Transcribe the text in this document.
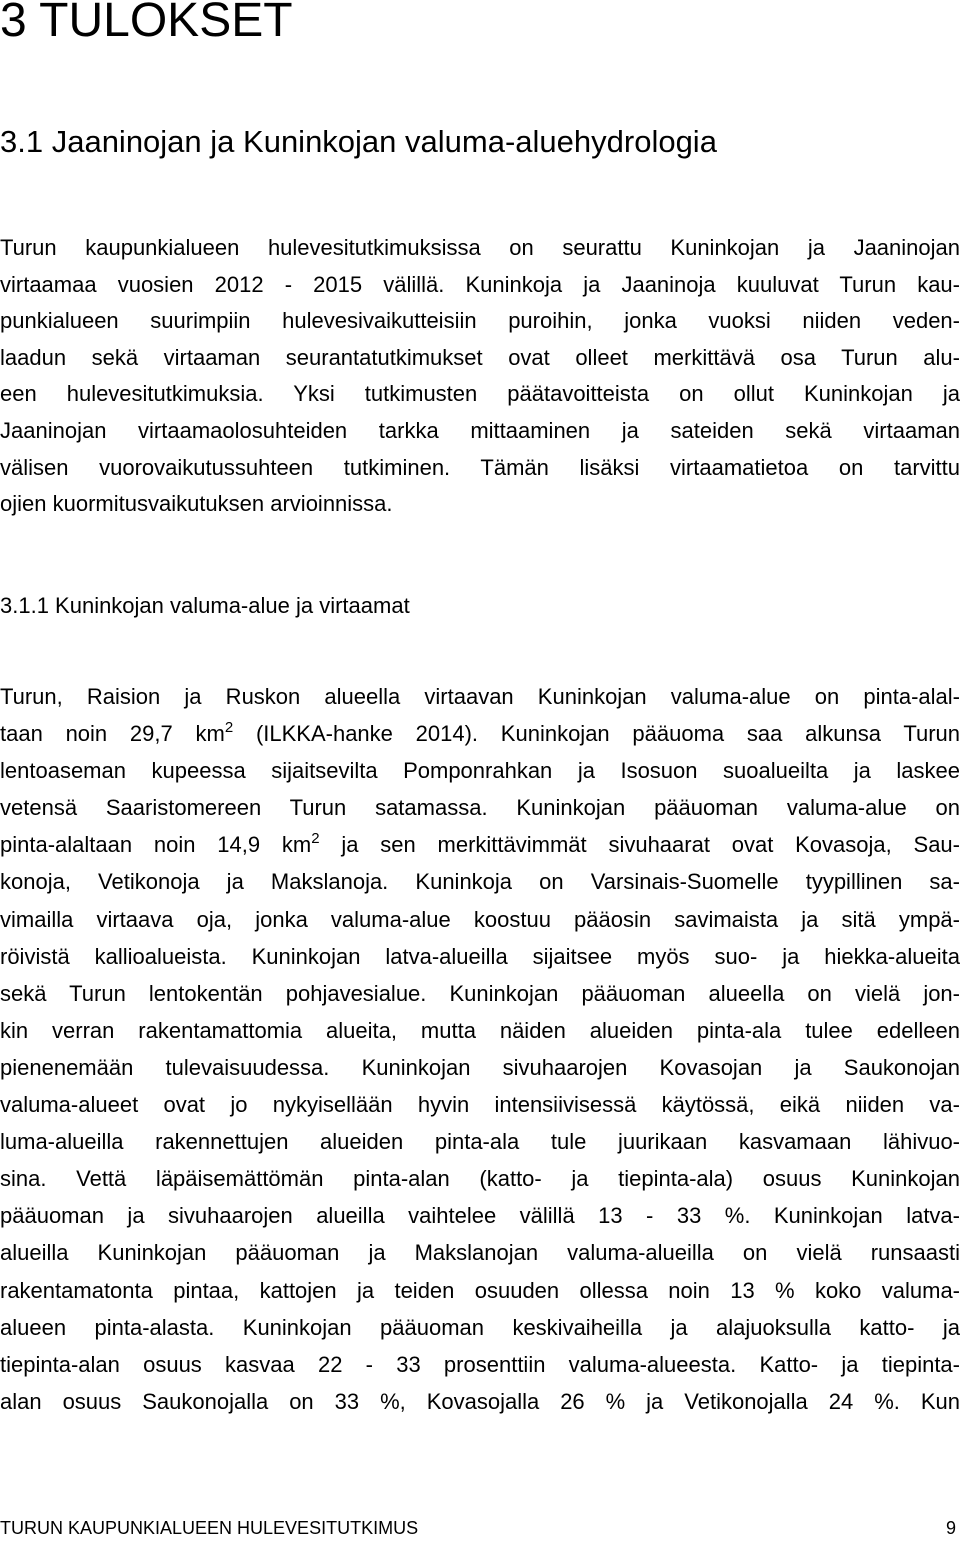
3 TULOKSET
3.1 Jaaninojan ja Kuninkojan valuma-aluehydrologia
Turun kaupunkialueen hulevesitutkimuksissa on seurattu Kuninkojan ja Jaaninojan
virtaamaa vuosien 2012 - 2015 välillä. Kuninkoja ja Jaaninoja kuuluvat Turun kau-
punkialueen suurimpiin hulevesivaikutteisiin puroihin, jonka vuoksi niiden veden-
laadun sekä virtaaman seurantatutkimukset ovat olleet merkittävä osa Turun alu-
een hulevesitutkimuksia. Yksi tutkimusten päätavoitteista on ollut Kuninkojan ja
Jaaninojan virtaamaolosuhteiden tarkka mittaaminen ja sateiden sekä virtaaman
välisen vuorovaikutussuhteen tutkiminen. Tämän lisäksi virtaamatietoa on tarvittu
ojien kuormitusvaikutuksen arvioinnissa.
3.1.1 Kuninkojan valuma-alue ja virtaamat
Turun, Raision ja Ruskon alueella virtaavan Kuninkojan valuma-alue on pinta-alal-
taan noin 29,7 $km^2$ (ILKKA-hanke 2014). Kuninkojan pääuoma saa alkunsa Turun
lentoaseman kupeessa sijaitsevilta Pomponrahkan ja Isosuon suoalueilta ja laskee
vetensä Saaristomereen Turun satamassa. Kuninkojan pääuoman valuma-alue on
pinta-alaltaan noin 14,9 $km^2$ ja sen merkittävimmät sivuhaarat ovat Kovasoja, Sau-
konoja, Vetikonoja ja Makslanoja. Kuninkoja on Varsinais-Suomelle tyypillinen sa-
vimailla virtaava oja, jonka valuma-alue koostuu pääosin savimaista ja sitä ympä-
röivistä kallioalueista. Kuninkojan latva-alueilla sijaitsee myös suo- ja hiekka-alueita
sekä Turun lentokentän pohjavesialue. Kuninkojan pääuoman alueella on vielä jon-
kin verran rakentamattomia alueita, mutta näiden alueiden pinta-ala tulee edelleen
pienenemään tulevaisuudessa. Kuninkojan sivuhaarojen Kovasojan ja Saukonojan
valuma-alueet ovat jo nykyisellään hyvin intensiivisessä käytössä, eikä niiden va-
luma-alueilla rakennettujen alueiden pinta-ala tule juurikaan kasvamaan lähivuo-
sina. Vettä läpäisemättömän pinta-alan (katto- ja tiepinta-ala) osuus Kuninkojan
pääuoman ja sivuhaarojen alueilla vaihtelee välillä 13 - 33 %. Kuninkojan latva-
alueilla Kuninkojan pääuoman ja Makslanojan valuma-alueilla on vielä runsaasti
rakentamatonta pintaa, kattojen ja teiden osuuden ollessa noin 13 % koko valuma-
alueen pinta-alasta. Kuninkojan pääuoman keskivaiheilla ja alajuoksulla katto- ja
tiepinta-alan osuus kasvaa 22 - 33 prosenttiin valuma-alueesta. Katto- ja tiepinta-
alan osuus Saukonojalla on 33 %, Kovasojalla 26 % ja Vetikonojalla 24 %. Kun
TURUN KAUPUNKIALUEEN HULEVESITUTKIMUS	9
